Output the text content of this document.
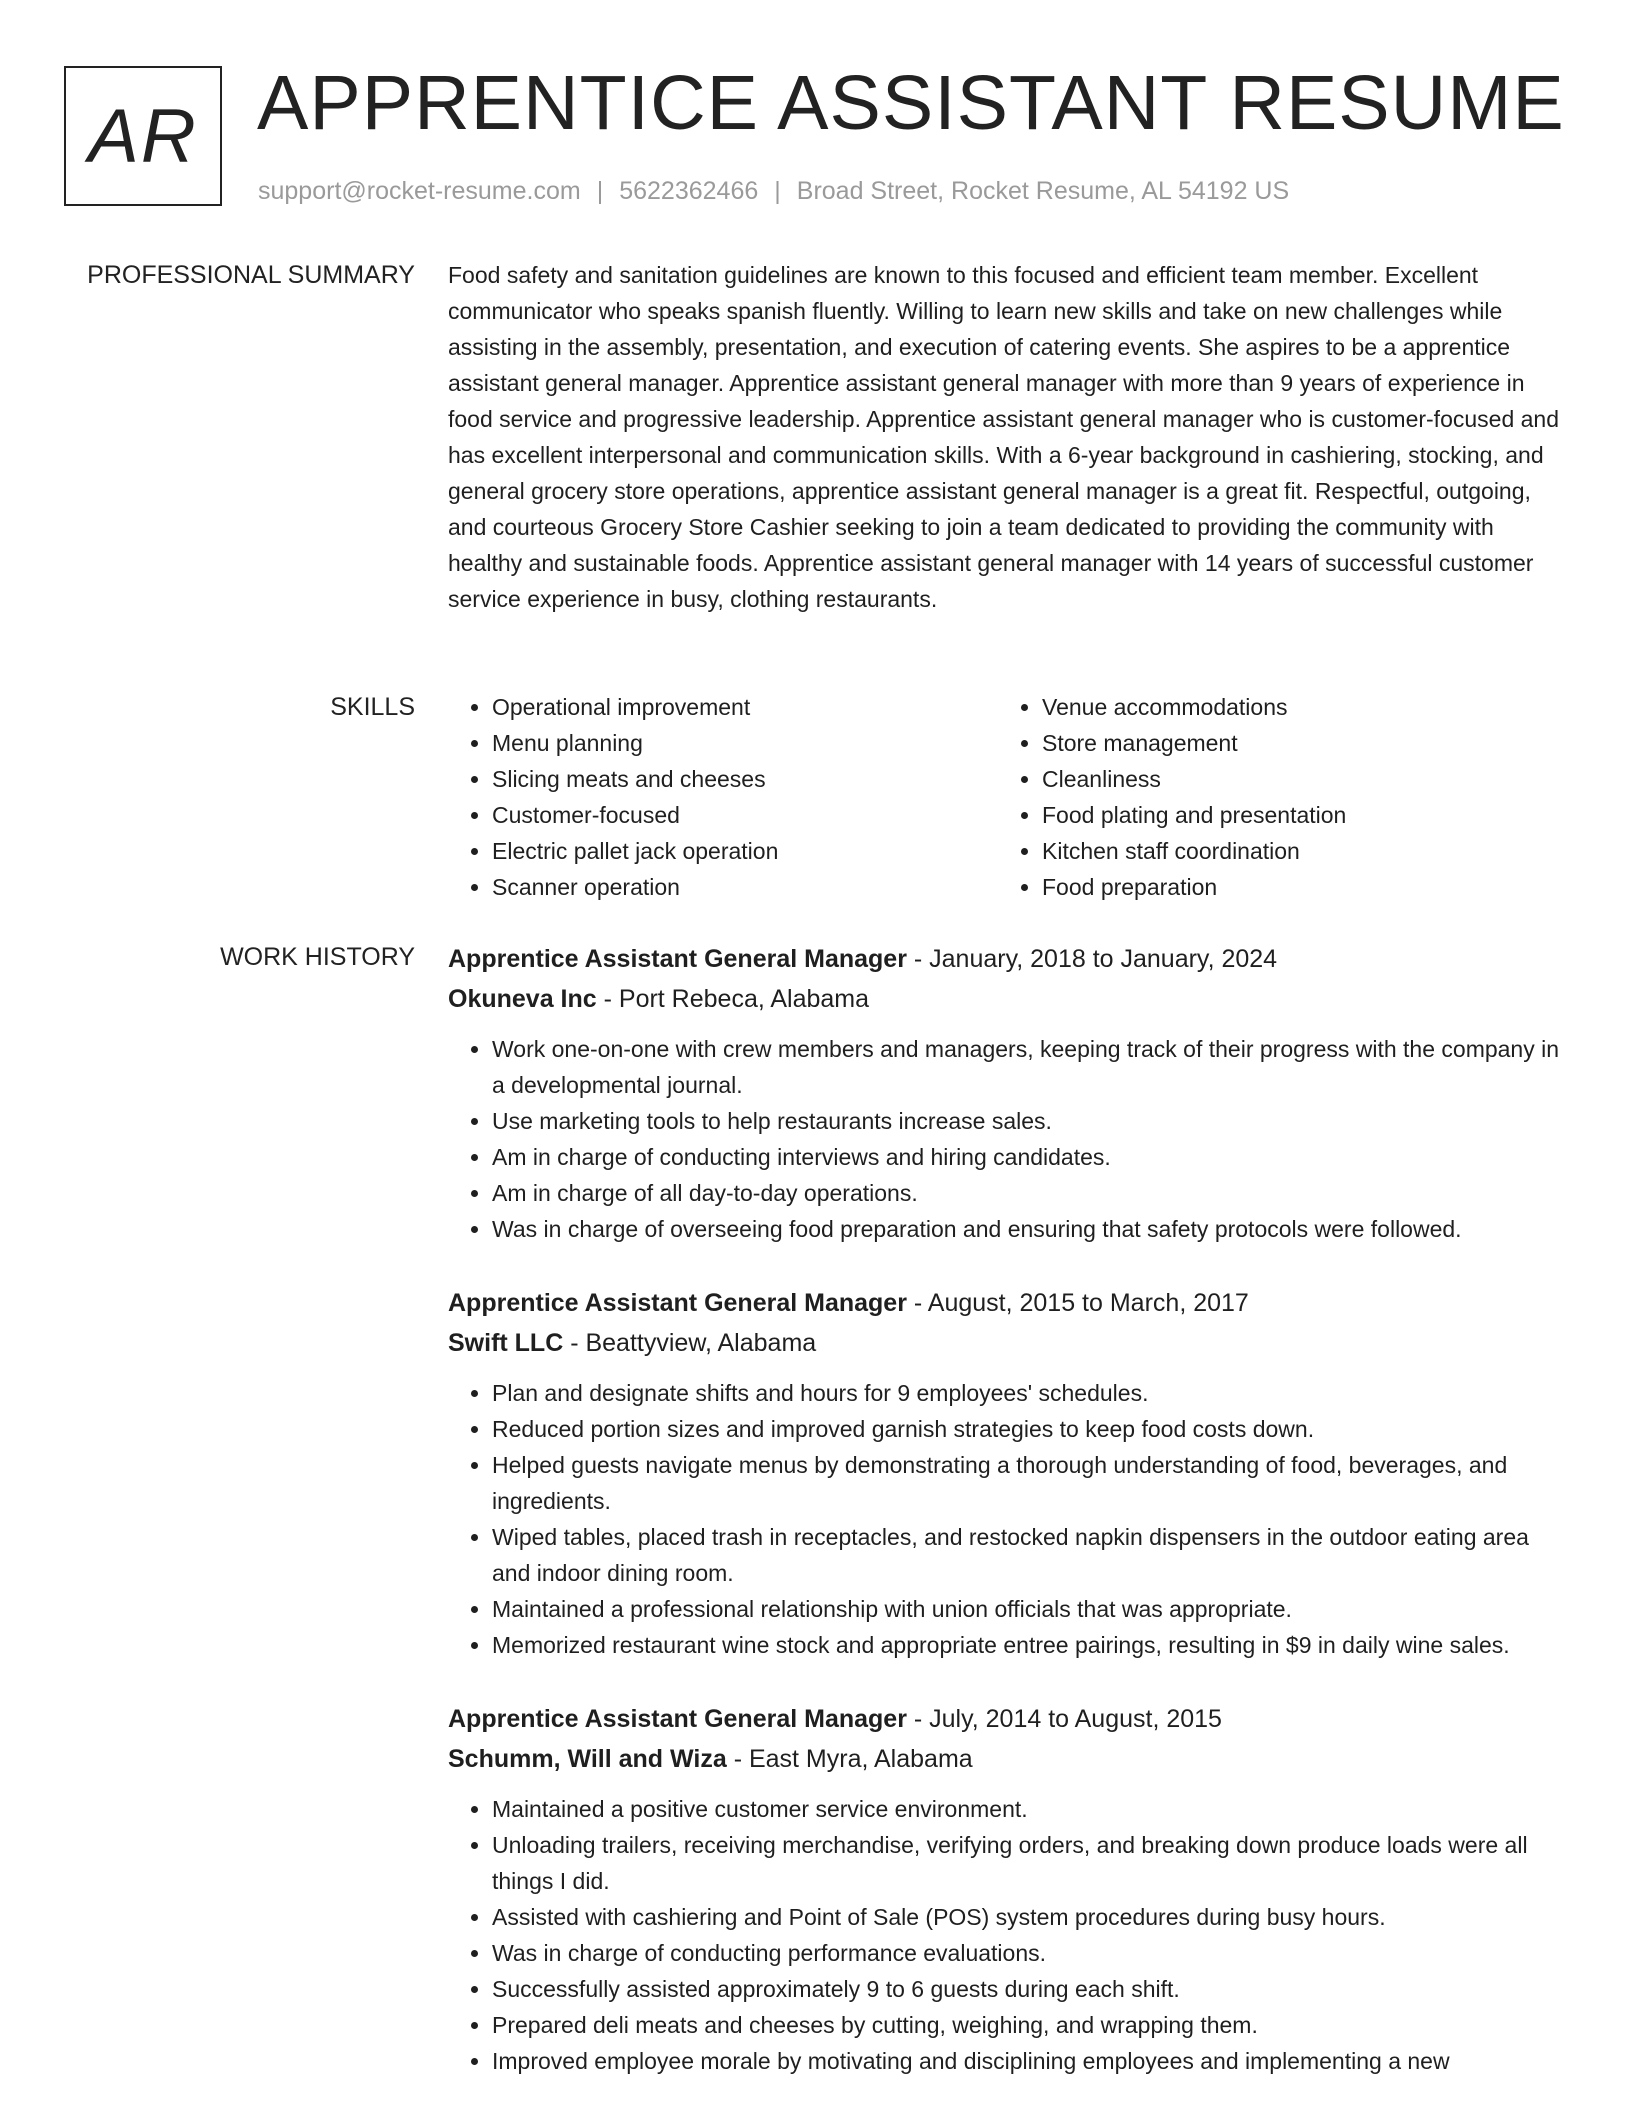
AR APPRENTICE ASSISTANT RESUME
support@rocket-resume.com | 5622362466 | Broad Street, Rocket Resume, AL 54192 US
PROFESSIONAL SUMMARY Food safety and sanitation guidelines are known to this focused and efficient team member. Excellent communicator who speaks spanish fluently. Willing to learn new skills and take on new challenges while assisting in the assembly, presentation, and execution of catering events. She aspires to be a apprentice assistant general manager. Apprentice assistant general manager with more than 9 years of experience in food service and progressive leadership. Apprentice assistant general manager who is customer-focused and has excellent interpersonal and communication skills. With a 6-year background in cashiering, stocking, and general grocery store operations, apprentice assistant general manager is a great fit. Respectful, outgoing, and courteous Grocery Store Cashier seeking to join a team dedicated to providing the community with healthy and sustainable foods. Apprentice assistant general manager with 14 years of successful customer service experience in busy, clothing restaurants.

SKILLS
•	Operational improvement
• Menu planning
• Slicing meats and cheeses
• Customer-focused
• Electric pallet jack operation
• Scanner operation
• Venue accommodations
• Store management
• Cleanliness
• Food plating and presentation
• Kitchen staff coordination
• Food preparation
WORK HISTORY Apprentice Assistant General Manager - January, 2018 to January, 2024
Okuneva Inc - Port Rebeca, Alabama
• Work one-on-one with crew members and managers, keeping track of their progress with the company in a developmental journal.
• Use marketing tools to help restaurants increase sales.
• Am in charge of conducting interviews and hiring candidates.
• Am in charge of all day-to-day operations.
• Was in charge of overseeing food preparation and ensuring that safety protocols were followed.
Apprentice Assistant General Manager - August, 2015 to March, 2017
Swift LLC - Beattyview, Alabama
• Plan and designate shifts and hours for 9 employees' schedules.
• Reduced portion sizes and improved garnish strategies to keep food costs down.
• Helped guests navigate menus by demonstrating a thorough understanding of food, beverages, and ingredients.
• Wiped tables, placed trash in receptacles, and restocked napkin dispensers in the outdoor eating area and indoor dining room.
• Maintained a professional relationship with union officials that was appropriate.
• Memorized restaurant wine stock and appropriate entree pairings, resulting in $9 in daily wine sales.
Apprentice Assistant General Manager - July, 2014 to August, 2015
Schumm, Will and Wiza - East Myra, Alabama
• Maintained a positive customer service environment.
• Unloading trailers, receiving merchandise, verifying orders, and breaking down produce loads were all things I did.
• Assisted with cashiering and Point of Sale (POS) system procedures during busy hours.
• Was in charge of conducting performance evaluations.
• Successfully assisted approximately 9 to 6 guests during each shift.
• Prepared deli meats and cheeses by cutting, weighing, and wrapping them.
• Improved employee morale by motivating and disciplining employees and implementing a new
